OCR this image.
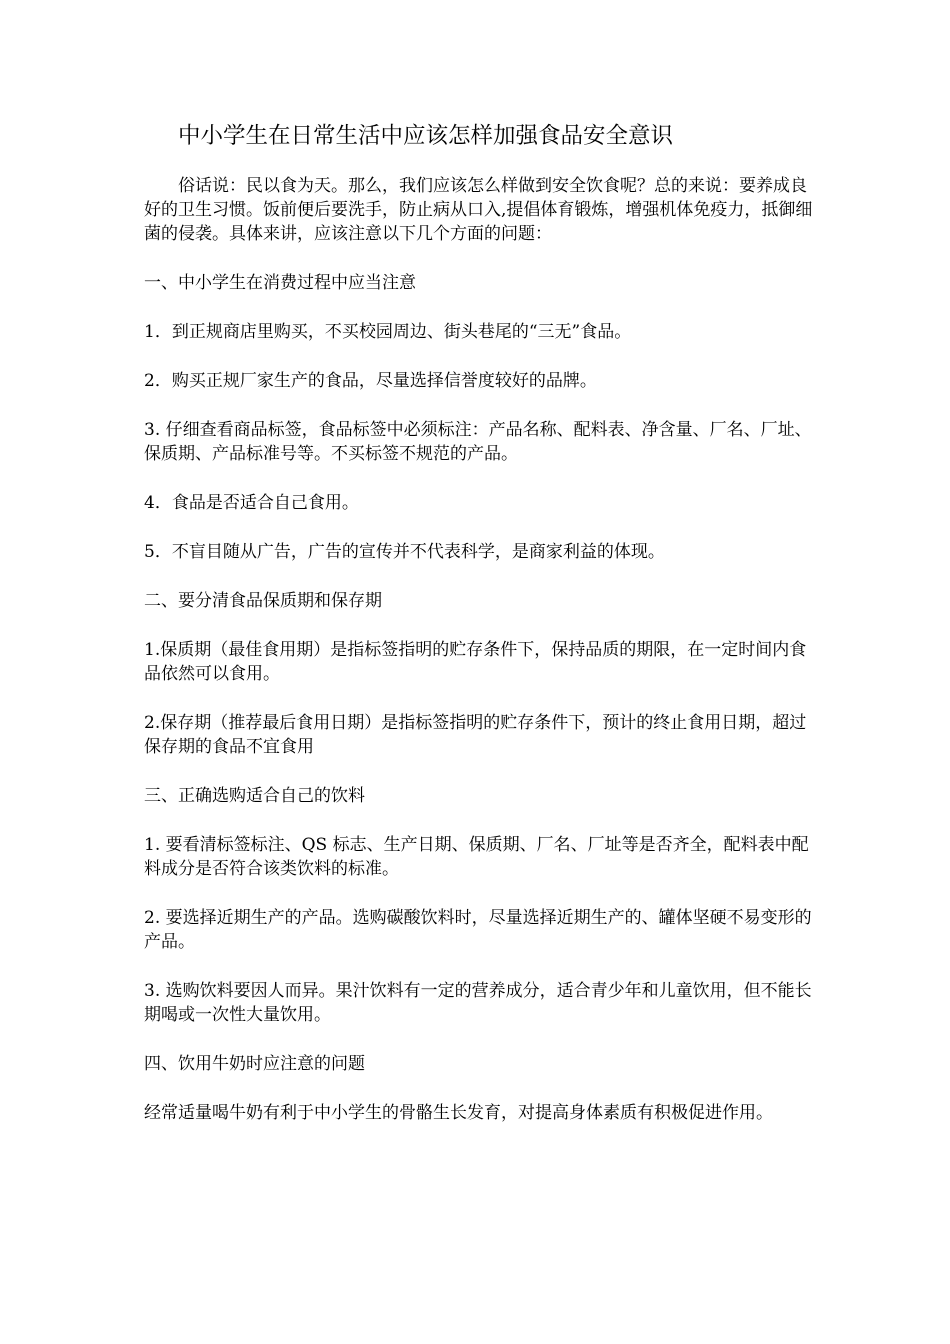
中小学生在日常生活中应该怎样加强食品安全意识

俗话说：民以食为天。那么，我们应该怎么样做到安全饮食呢？总的来说：要养成良好的卫生习惯。饭前便后要洗手，防止病从口入,提倡体育锻炼，增强机体免疫力，抵御细菌的侵袭。具体来讲，应该注意以下几个方面的问题：

一、中小学生在消费过程中应当注意

1．到正规商店里购买，不买校园周边、街头巷尾的“三无”食品。

2．购买正规厂家生产的食品，尽量选择信誉度较好的品牌。

3. 仔细查看商品标签，食品标签中必须标注：产品名称、配料表、净含量、厂名、厂址、保质期、产品标准号等。不买标签不规范的产品。

4．食品是否适合自己食用。

5．不盲目随从广告，广告的宣传并不代表科学，是商家利益的体现。

二、要分清食品保质期和保存期

1.保质期（最佳食用期）是指标签指明的贮存条件下，保持品质的期限，在一定时间内食品依然可以食用。

2.保存期（推荐最后食用日期）是指标签指明的贮存条件下，预计的终止食用日期，超过保存期的食品不宜食用

三、正确选购适合自己的饮料

1. 要看清标签标注、QS 标志、生产日期、保质期、厂名、厂址等是否齐全，配料表中配料成分是否符合该类饮料的标准。

2. 要选择近期生产的产品。选购碳酸饮料时，尽量选择近期生产的、罐体坚硬不易变形的产品。

3. 选购饮料要因人而异。果汁饮料有一定的营养成分，适合青少年和儿童饮用，但不能长期喝或一次性大量饮用。

四、饮用牛奶时应注意的问题

经常适量喝牛奶有利于中小学生的骨骼生长发育，对提高身体素质有积极促进作用。
